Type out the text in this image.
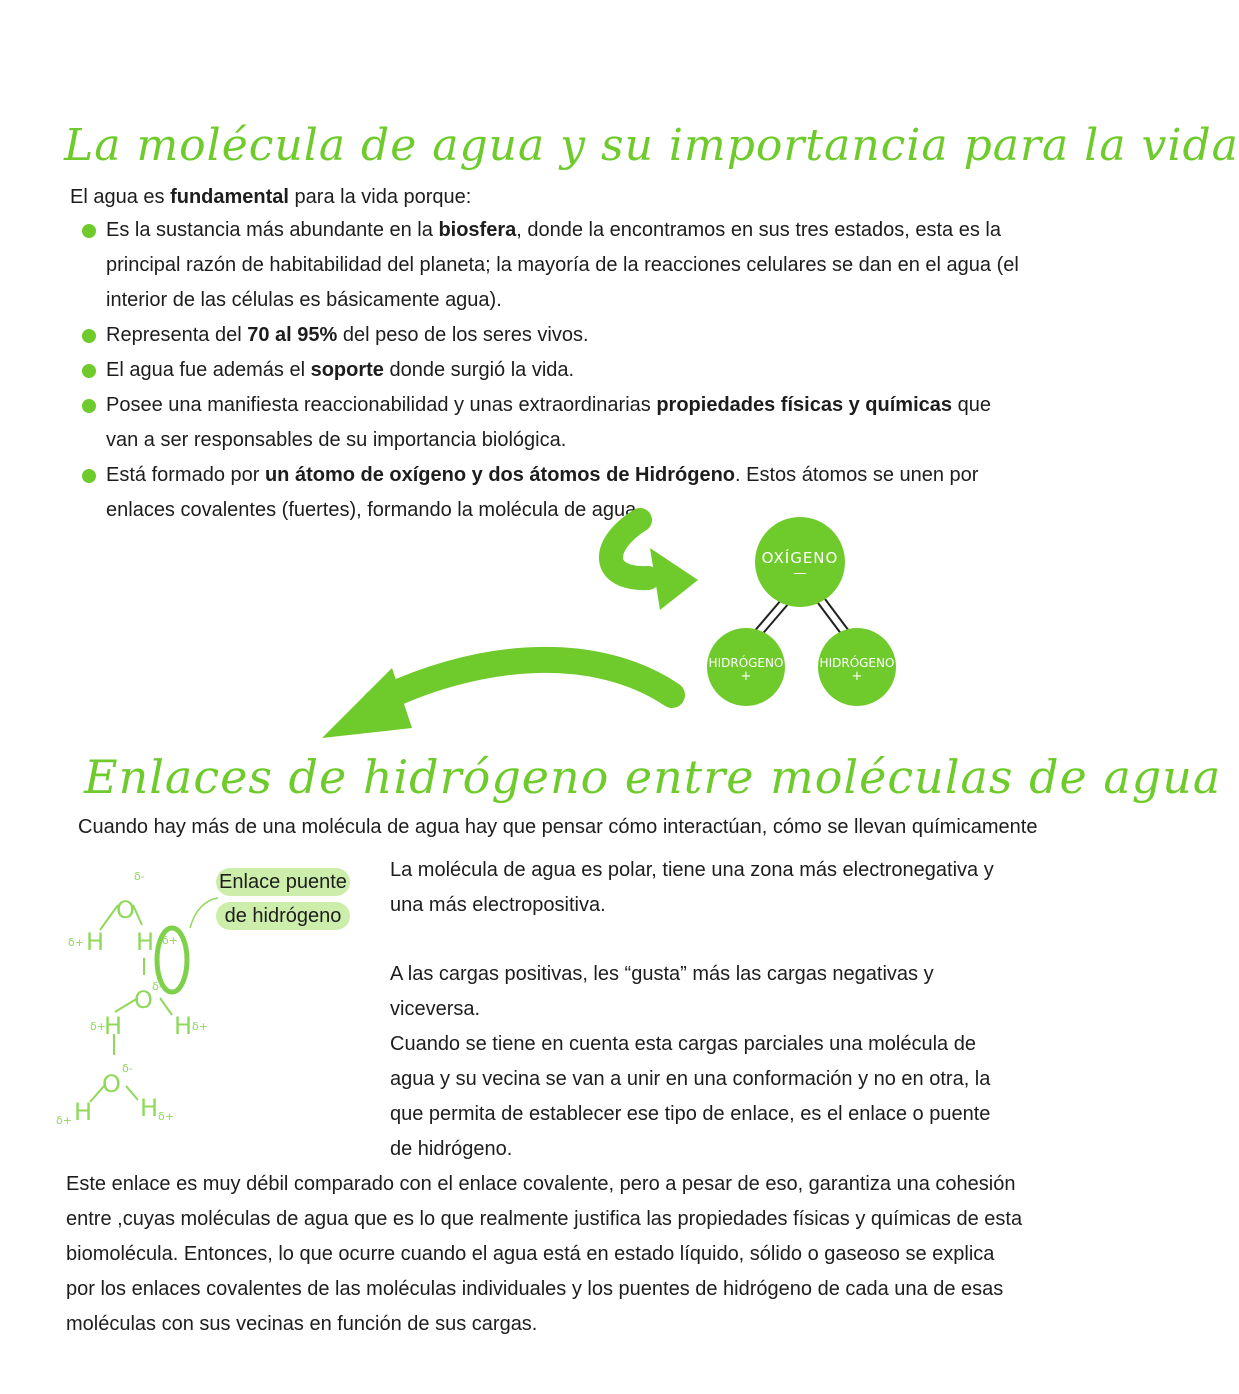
La molécula de agua y su importancia para la vida
El agua es fundamental para la vida porque:
Es la sustancia más abundante en la biosfera, donde la encontramos en sus tres estados, esta es la principal razón de habitabilidad del planeta; la mayoría de la reacciones celulares se dan en el agua (el interior de las células es básicamente agua).
Representa del 70 al 95% del peso de los seres vivos.
El agua fue además el soporte donde surgió la vida.
Posee una manifiesta reaccionabilidad y unas extraordinarias propiedades físicas y químicas que van a ser responsables de su importancia biológica.
Está formado por un átomo de oxígeno y dos átomos de Hidrógeno. Estos átomos se unen por enlaces covalentes (fuertes), formando la molécula de agua.
O
O
O
H H
H H
H H
δ-
δ-
δ-
δ+	δ+
δ+	δ+
δ+	δ+
OXÍGENO
—
HIDRÓGENO
+
HIDRÓGENO
+
Enlaces de hidrógeno entre moléculas de agua
Cuando hay más de una molécula de agua hay que pensar cómo interactúan, cómo se llevan químicamente
Enlace puente
de hidrógeno
La molécula de agua es polar, tiene una zona más electronegativa y una más electropositiva.
A las cargas positivas, les “gusta” más las cargas negativas y viceversa.
Cuando se tiene en cuenta esta cargas parciales una molécula de agua y su vecina se van a unir en una conformación y no en otra, la que permita de establecer ese tipo de enlace, es el enlace o puente de hidrógeno.
Este enlace es muy débil comparado con el enlace covalente, pero a pesar de eso, garantiza una cohesión entre ,cuyas moléculas de agua que es lo que realmente justifica las propiedades físicas y químicas de esta biomolécula. Entonces, lo que ocurre cuando el agua está en estado líquido, sólido o gaseoso se explica por los enlaces covalentes de las moléculas individuales y los puentes de hidrógeno de cada una de esas moléculas con sus vecinas en función de sus cargas.
